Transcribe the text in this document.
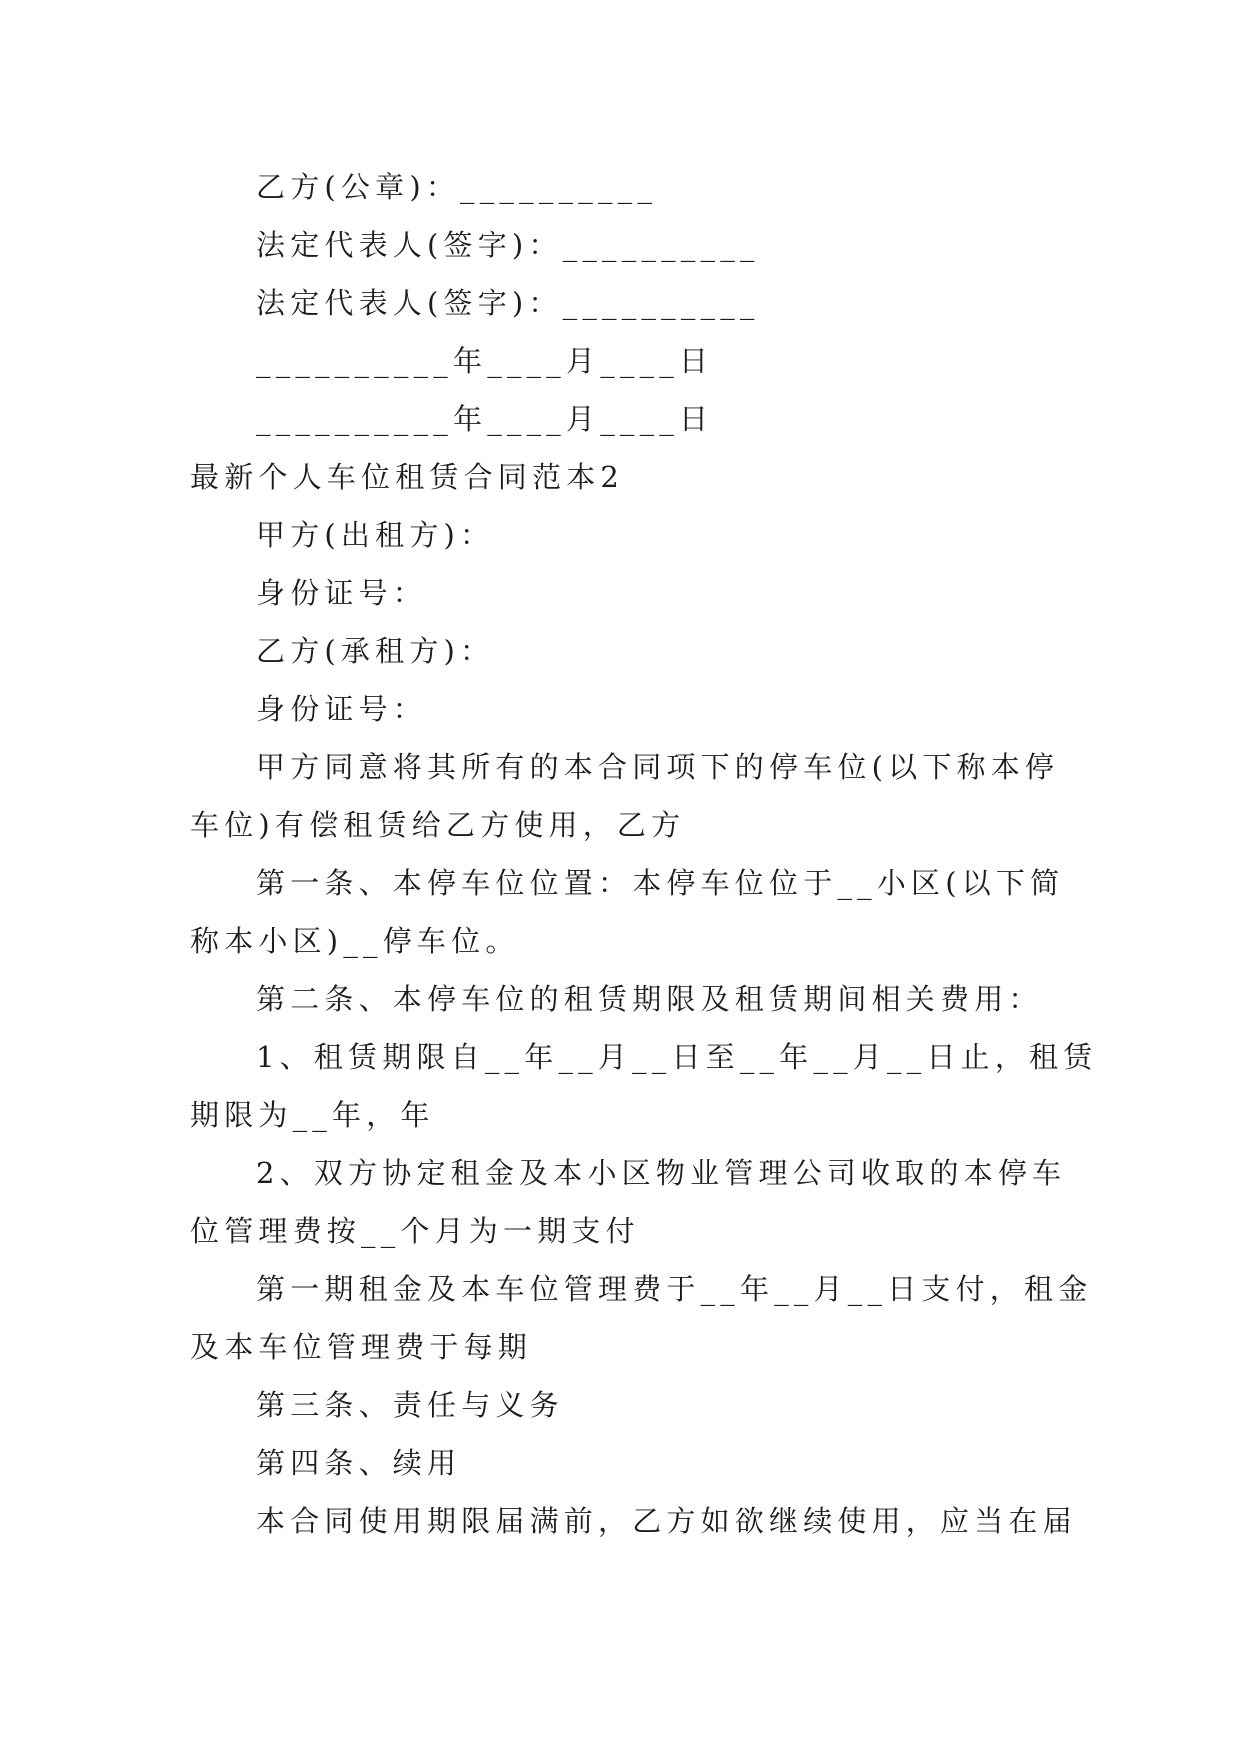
乙方(公章)：__________
法定代表人(签字)：__________
法定代表人(签字)：__________
__________年____月____日
__________年____月____日
最新个人车位租赁合同范本2
甲方(出租方)：
身份证号：
乙方(承租方)：
身份证号：
甲方同意将其所有的本合同项下的停车位(以下称本停
车位)有偿租赁给乙方使用，乙方
第一条、本停车位位置：本停车位位于__小区(以下简
称本小区)__停车位。
第二条、本停车位的租赁期限及租赁期间相关费用：
1、租赁期限自__年__月__日至__年__月__日止，租赁
期限为__年，年
2、双方协定租金及本小区物业管理公司收取的本停车
位管理费按__个月为一期支付
第一期租金及本车位管理费于__年__月__日支付，租金
及本车位管理费于每期
第三条、责任与义务
第四条、续用
本合同使用期限届满前，乙方如欲继续使用，应当在届
